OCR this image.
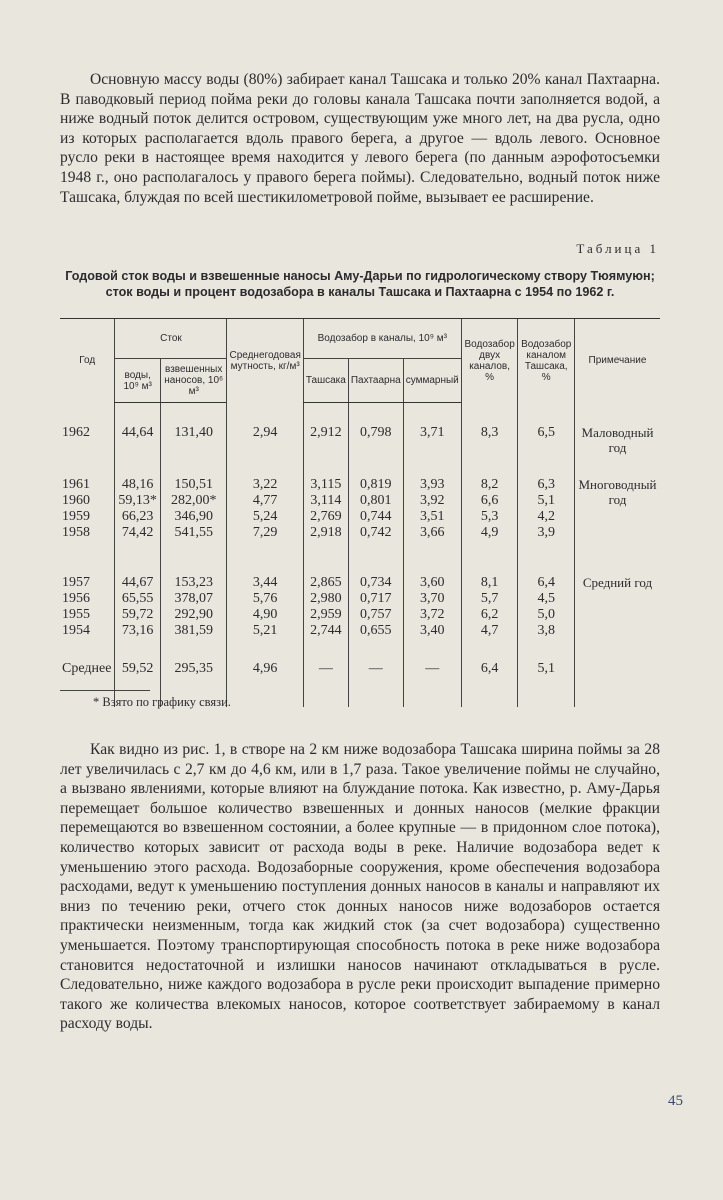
Основную массу воды (80%) забирает канал Ташсака и только 20% канал Пахтаарна. В паводковый период пойма реки до головы канала Ташсака почти заполняется водой, а ниже водный поток делится островом, существующим уже много лет, на два русла, одно из которых располагается вдоль правого берега, а другое — вдоль левого. Основное русло реки в настоящее время находится у левого берега (по данным аэрофотосъемки 1948 г., оно располагалось у правого берега поймы). Следовательно, водный поток ниже Ташсака, блуждая по всей шестикилометровой пойме, вызывает ее расширение.

Таблица 1
Годовой сток воды и взвешенные наносы Аму-Дарьи по гидрологическому створу Тюямуюн; сток воды и процент водозабора в каналы Ташсака и Пахтаарна с 1954 по 1962 г.
Год	Сток		Среднегодовая мутность, кг/м³	Водозабор в каналы, 10⁹ м³			Водозабор двух каналов, %	Водозабор каналом Ташсака, %	Примечание
	воды, 10⁹ м³	взвешенных наносов, 10⁶ м³		Ташсака	Пахтаарна	суммарный			

1962	44,64	131,40	2,94	2,912	0,798	3,71	8,3	6,5	Маловодный год

1961	48,16	150,51	3,22	3,115	0,819	3,93	8,2	6,3	Многоводный год
1960	59,13*	282,00*	4,77	3,114	0,801	3,92	6,6	5,1	
1959	66,23	346,90	5,24	2,769	0,744	3,51	5,3	4,2	
1958	74,42	541,55	7,29	2,918	0,742	3,66	4,9	3,9	

1957	44,67	153,23	3,44	2,865	0,734	3,60	8,1	6,4	Средний год
1956	65,55	378,07	5,76	2,980	0,717	3,70	5,7	4,5	
1955	59,72	292,90	4,90	2,959	0,757	3,72	6,2	5,0	
1954	73,16	381,59	5,21	2,744	0,655	3,40	4,7	3,8	

Среднее	59,52	295,35	4,96	—	—	—	6,4	5,1	

* Взято по графику связи.

Как видно из рис. 1, в створе на 2 км ниже водозабора Ташсака ширина поймы за 28 лет увеличилась с 2,7 км до 4,6 км, или в 1,7 раза. Такое увеличение поймы не случайно, а вызвано явлениями, которые влияют на блуждание потока. Как известно, р. Аму-Дарья перемещает большое количество взвешенных и донных наносов (мелкие фракции перемещаются во взвешенном состоянии, а более крупные — в придонном слое потока), количество которых зависит от расхода воды в реке. Наличие водозабора ведет к уменьшению этого расхода. Водозаборные сооружения, кроме обеспечения водозабора расходами, ведут к уменьшению поступления донных наносов в каналы и направляют их вниз по течению реки, отчего сток донных наносов ниже водозаборов остается практически неизменным, тогда как жидкий сток (за счет водозабора) существенно уменьшается. Поэтому транспортирующая способность потока в реке ниже водозабора становится недостаточной и излишки наносов начинают откладываться в русле. Следовательно, ниже каждого водозабора в русле реки происходит выпадение примерно такого же количества влекомых наносов, которое соответствует забираемому в канал расходу воды.

45
